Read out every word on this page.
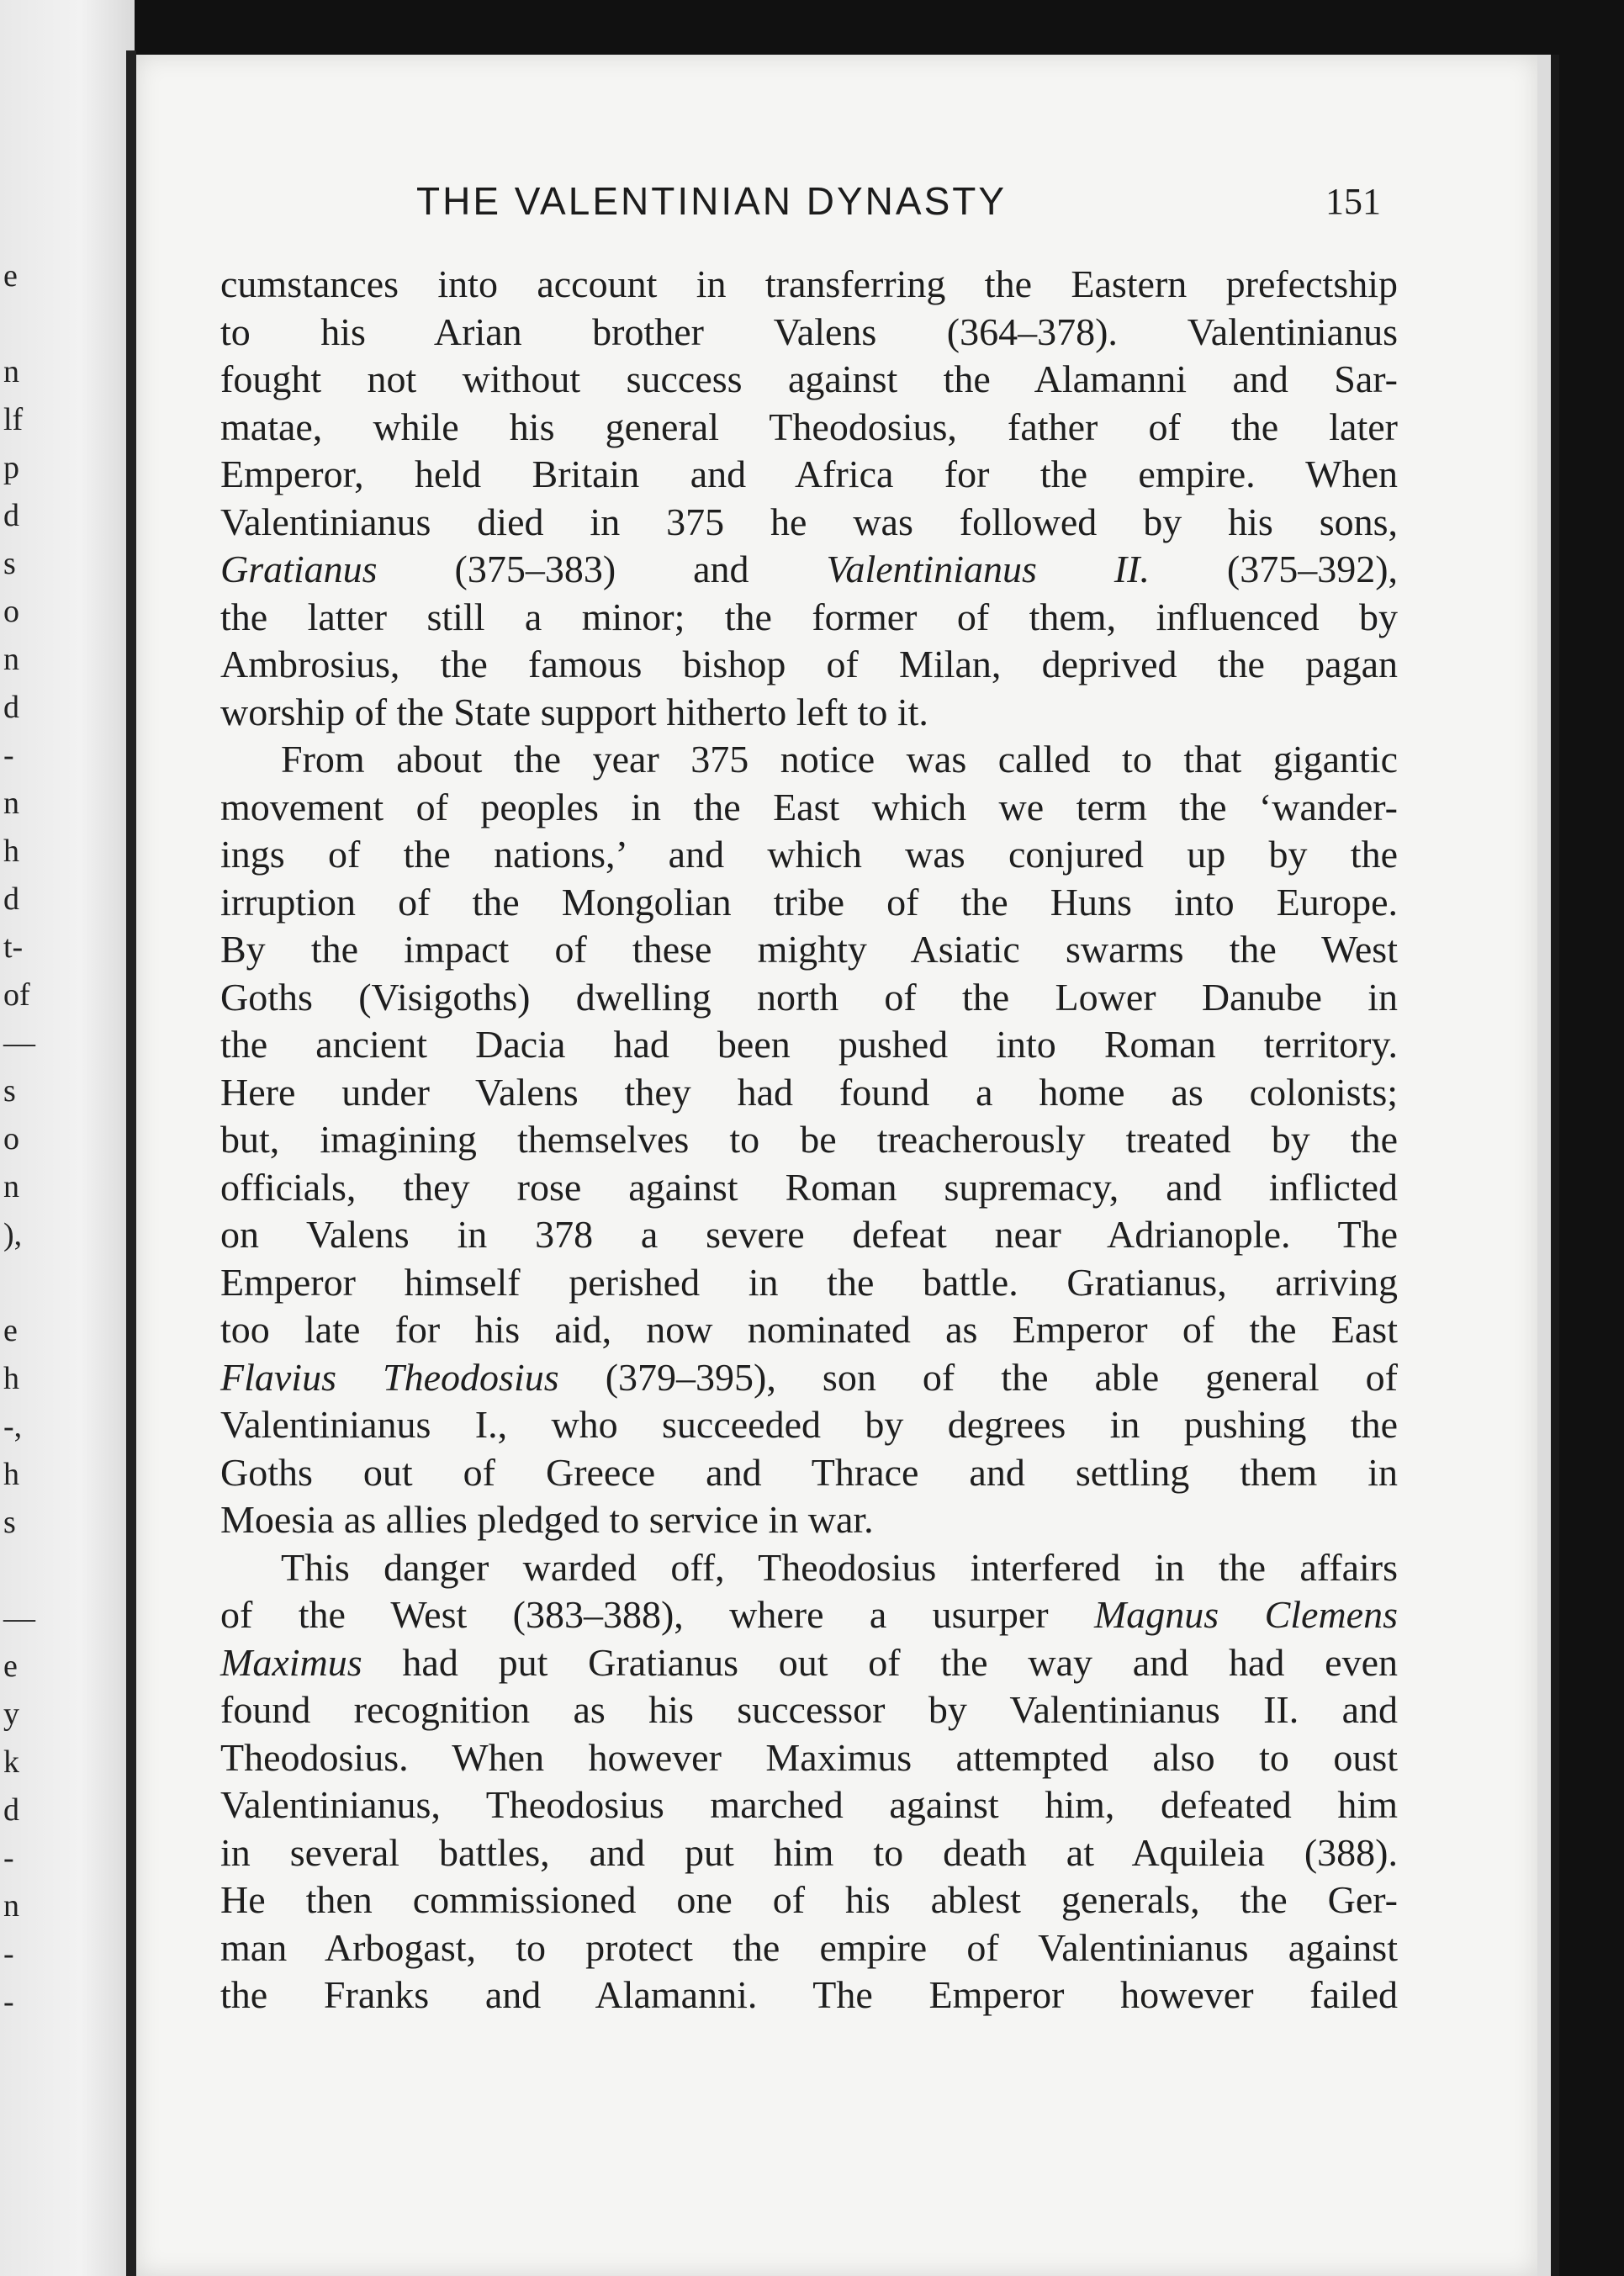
e
n
lf
p
d
s
o
n
d
-
n
h
d
t-
of
—
s
o
n
),
e
h
-,
h
s
—
e
y
k
d
-
n
-
-
THE VALENTINIAN DYNASTY	151
cumstances into account in transferring the Eastern prefectship
to his Arian brother Valens (364–378). Valentinianus
fought not without success against the Alamanni and Sar-
matae, while his general Theodosius, father of the later
Emperor, held Britain and Africa for the empire. When
Valentinianus died in 375 he was followed by his sons,
Gratianus (375–383) and Valentinianus II. (375–392),
the latter still a minor; the former of them, influenced by
Ambrosius, the famous bishop of Milan, deprived the pagan
worship of the State support hitherto left to it.
From about the year 375 notice was called to that gigantic
movement of peoples in the East which we term the ‘wander-
ings of the nations,’ and which was conjured up by the
irruption of the Mongolian tribe of the Huns into Europe.
By the impact of these mighty Asiatic swarms the West
Goths (Visigoths) dwelling north of the Lower Danube in
the ancient Dacia had been pushed into Roman territory.
Here under Valens they had found a home as colonists;
but, imagining themselves to be treacherously treated by the
officials, they rose against Roman supremacy, and inflicted
on Valens in 378 a severe defeat near Adrianople. The
Emperor himself perished in the battle. Gratianus, arriving
too late for his aid, now nominated as Emperor of the East
Flavius Theodosius (379–395), son of the able general of
Valentinianus I., who succeeded by degrees in pushing the
Goths out of Greece and Thrace and settling them in
Moesia as allies pledged to service in war.
This danger warded off, Theodosius interfered in the affairs
of the West (383–388), where a usurper Magnus Clemens
Maximus had put Gratianus out of the way and had even
found recognition as his successor by Valentinianus II. and
Theodosius. When however Maximus attempted also to oust
Valentinianus, Theodosius marched against him, defeated him
in several battles, and put him to death at Aquileia (388).
He then commissioned one of his ablest generals, the Ger-
man Arbogast, to protect the empire of Valentinianus against
the Franks and Alamanni. The Emperor however failed
